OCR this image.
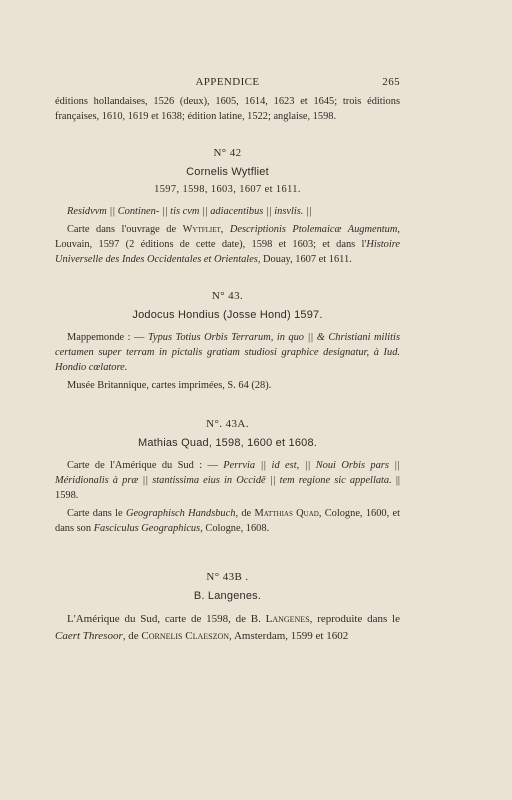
APPENDICE	265

éditions hollandaises, 1526 (deux), 1605, 1614, 1623 et 1645; trois éditions françaises, 1610, 1619 et 1638; édition latine, 1522; anglaise, 1598.

N° 42
Cornelis Wytfliet
1597, 1598, 1603, 1607 et 1611.

Residvvm || Continen- || tis cvm || adiacentibus || insvlis. ||

Carte dans l'ouvrage de Wytfliet, Descriptionis Ptolemaicæ Augmentum, Louvain, 1597 (2 éditions de cette date), 1598 et 1603; et dans l'Histoire Universelle des Indes Occidentales et Orientales, Douay, 1607 et 1611.

N° 43.
Jodocus Hondius (Josse Hond) 1597.

Mappemonde : — Typus Totius Orbis Terrarum, in quo || & Christiani militis certamen super terram in pictalis gratiam studiosi graphice designatur, à Iud. Hondio cœlatore.

Musée Britannique, cartes imprimées, S. 64 (28).

N°. 43A.
Mathias Quad, 1598, 1600 et 1608.

Carte de l'Amérique du Sud : — Perrvia || id est, || Noui Orbis pars || Méridionalis à præ || stantissima eius in Occidē || tem regione sic appellata. || 1598.

Carte dans le Geographisch Handsbuch, de Matthias Quad, Cologne, 1600, et dans son Fasciculus Geographicus, Cologne, 1608.

N° 43B .
B. Langenes.

L'Amérique du Sud, carte de 1598, de B. Langenes, reproduite dans le Caert Thresoor, de Cornelis Claeszon, Amsterdam, 1599 et 1602
